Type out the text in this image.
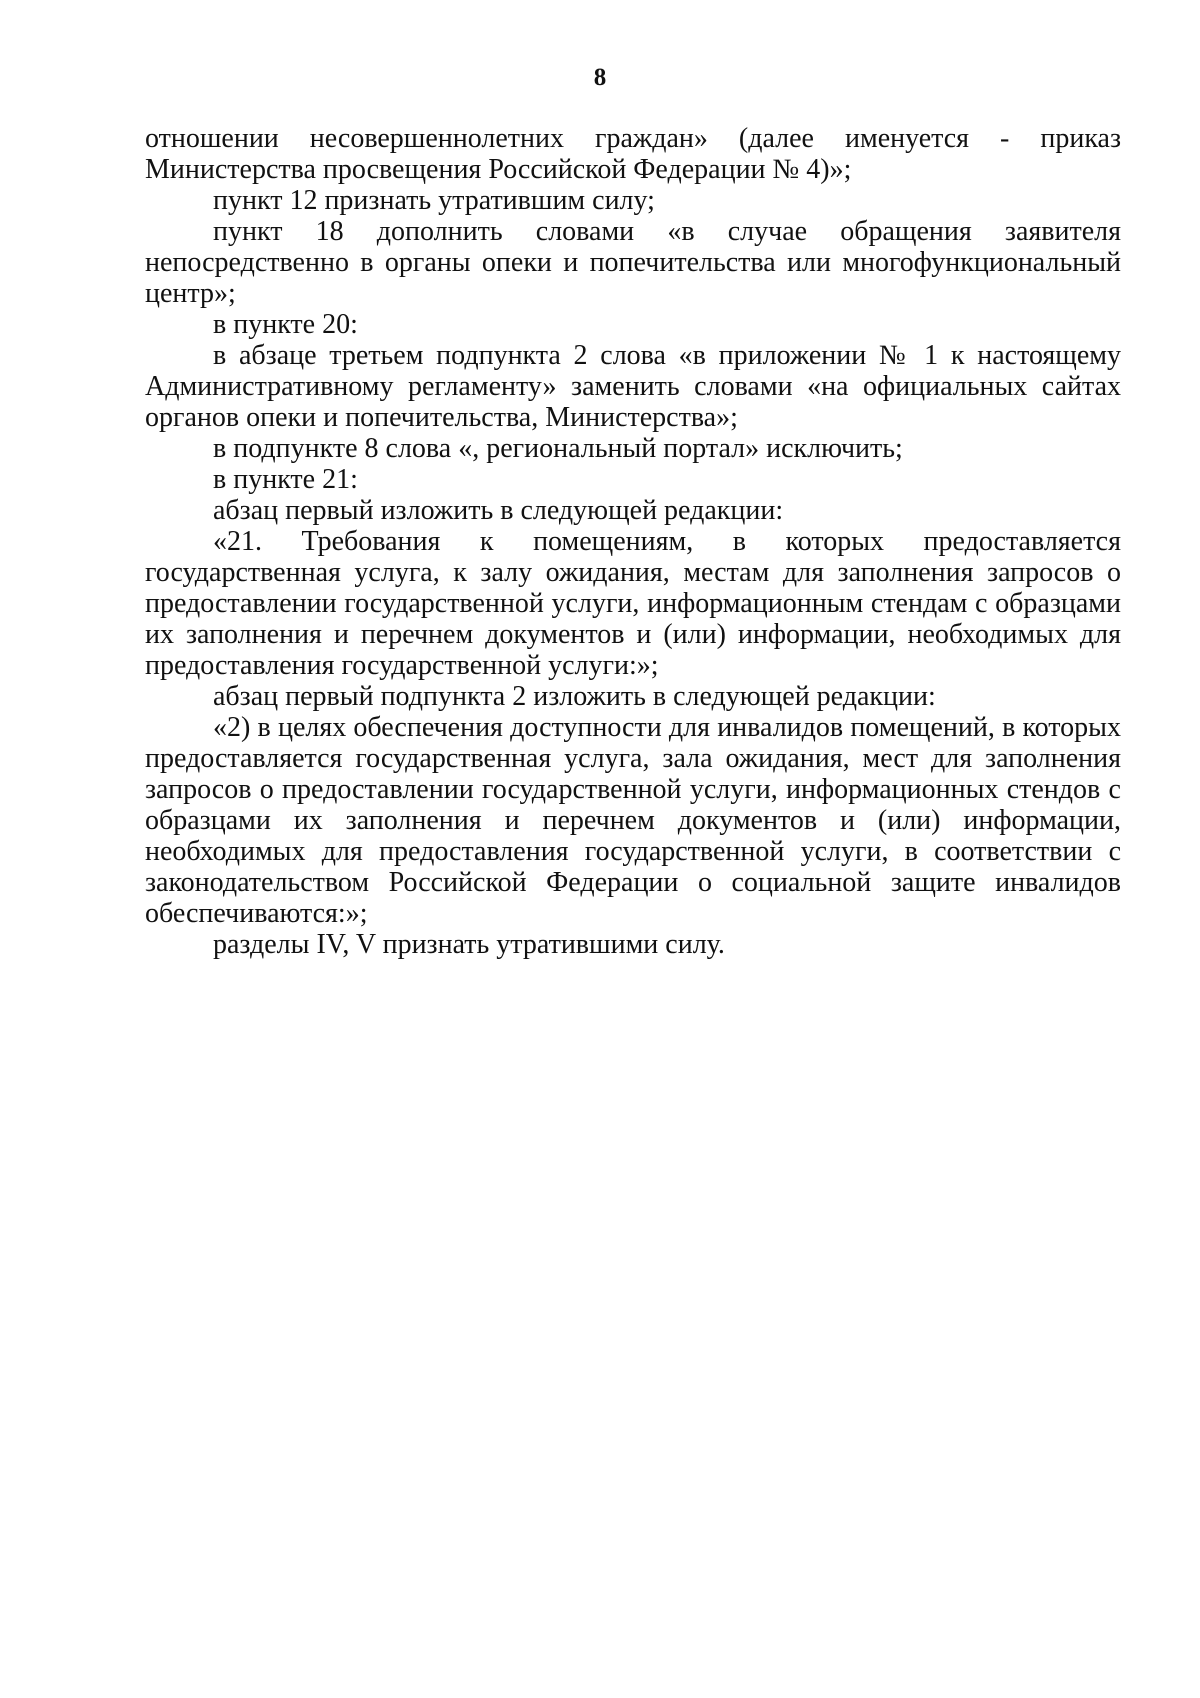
8

отношении несовершеннолетних граждан» (далее именуется - приказ Министерства просвещения Российской Федерации № 4)»;

пункт 12 признать утратившим силу;

пункт 18 дополнить словами «в случае обращения заявителя непосредственно в органы опеки и попечительства или многофункциональный центр»;

в пункте 20:

в абзаце третьем подпункта 2 слова «в приложении № 1 к настоящему Административному регламенту» заменить словами «на официальных сайтах органов опеки и попечительства, Министерства»;

в подпункте 8 слова «, региональный портал» исключить;

в пункте 21:

абзац первый изложить в следующей редакции:

«21. Требования к помещениям, в которых предоставляется государственная услуга, к залу ожидания, местам для заполнения запросов о предоставлении государственной услуги, информационным стендам с образцами их заполнения и перечнем документов и (или) информации, необходимых для предоставления государственной услуги:»;

абзац первый подпункта 2 изложить в следующей редакции:

«2) в целях обеспечения доступности для инвалидов помещений, в которых предоставляется государственная услуга, зала ожидания, мест для заполнения запросов о предоставлении государственной услуги, информационных стендов с образцами их заполнения и перечнем документов и (или) информации, необходимых для предоставления государственной услуги, в соответствии с законодательством Российской Федерации о социальной защите инвалидов обеспечиваются:»;

разделы IV, V признать утратившими силу.
